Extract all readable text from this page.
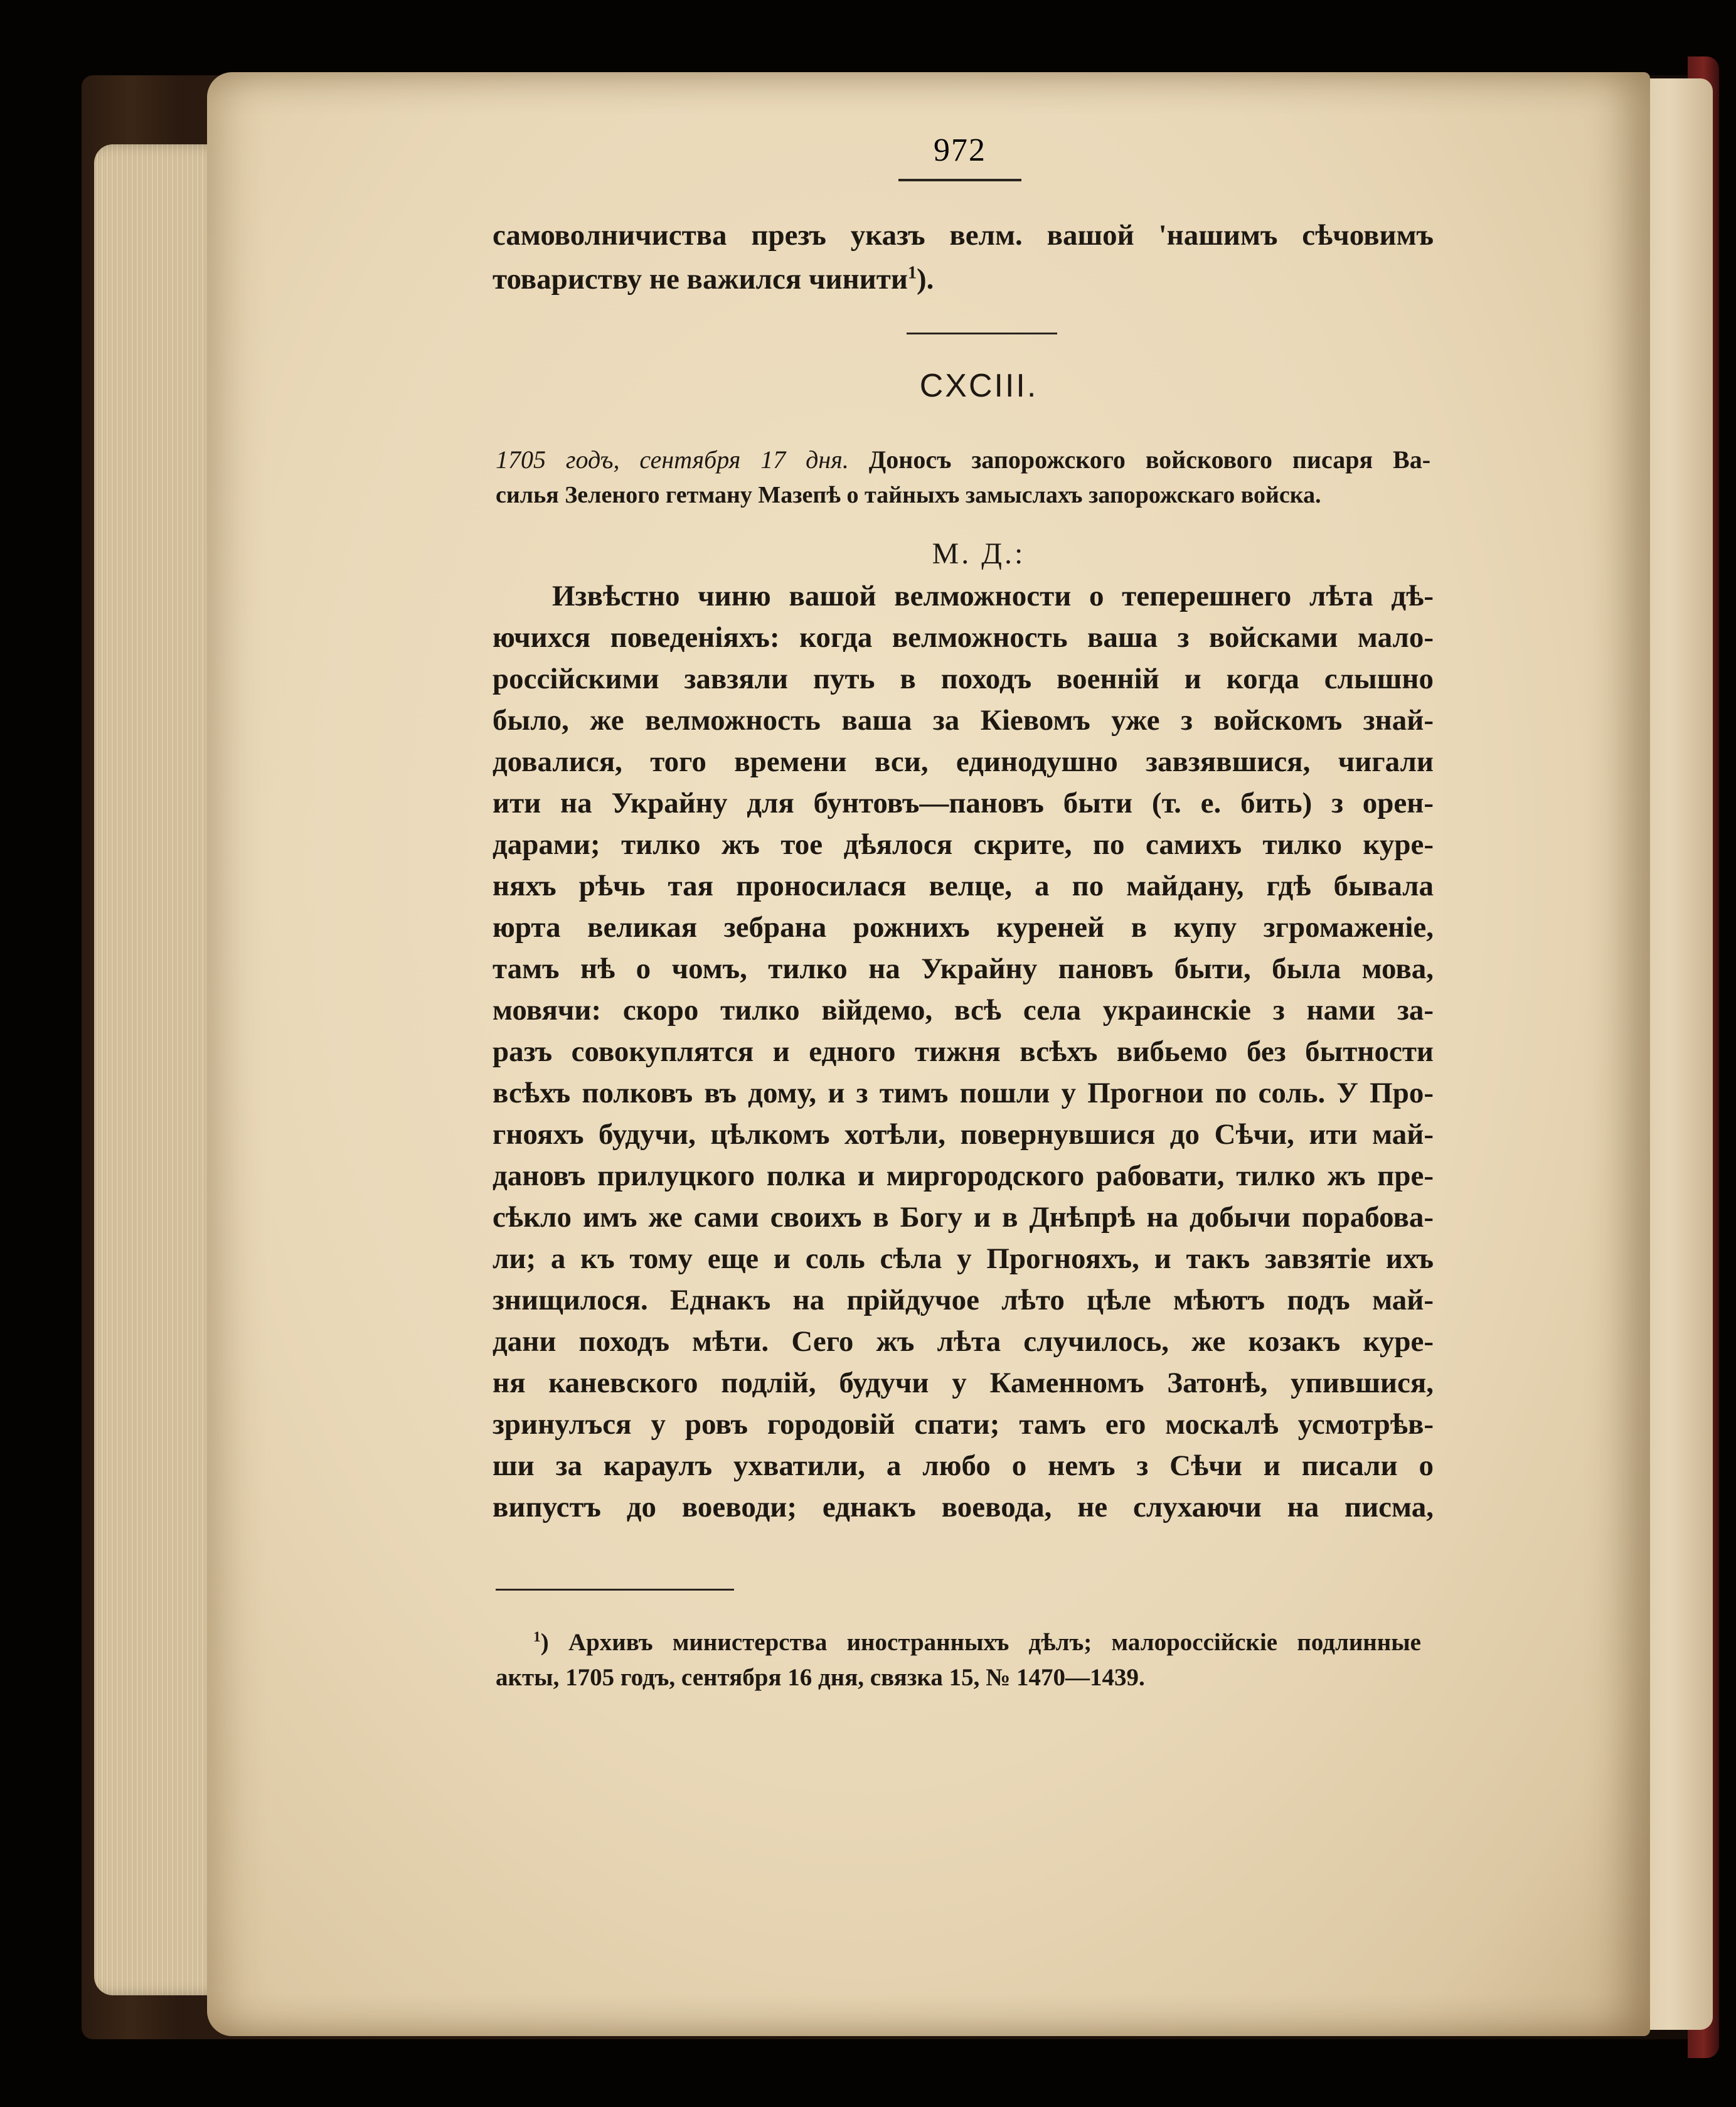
972
самоволничиства презъ указъ велм. вашой 'нашимъ сѣчовимъ
товариству не важился чинити$^1$).
CXCIII.
1705 годъ, сентября 17 дня. Доносъ запорожского войскового писаря Ва-
силья Зеленого гетману Мазепѣ о тайныхъ замыслахъ запорожскаго войска.
М. Д.:
Извѣстно чиню вашой велможности о теперешнего лѣта дѣ-
ючихся поведеніяхъ: когда велможность ваша з войсками мало-
россійскими завзяли путь в походъ военній и когда слышно
было, же велможность ваша за Кіевомъ уже з войскомъ знай-
довалися, того времени вси, единодушно завзявшися, чигали
ити на Украйну для бунтовъ—пановъ быти (т. е. бить) з орен-
дарами; тилко жъ тое дѣялося скрите, по самихъ тилко куре-
няхъ рѣчь тая проносилася велце, а по майдану, гдѣ бывала
юрта великая зебрана рожнихъ куреней в купу згромаженіе,
тамъ нѣ о чомъ, тилко на Украйну пановъ быти, была мова,
мовячи: скоро тилко війдемо, всѣ села украинскіе з нами за-
разъ совокуплятся и едного тижня всѣхъ вибьемо без бытности
всѣхъ полковъ въ дому, и з тимъ пошли у Прогнои по соль. У Про-
гнояхъ будучи, цѣлкомъ хотѣли, повернувшися до Сѣчи, ити май-
дановъ прилуцкого полка и миргородского рабовати, тилко жъ пре-
сѣкло имъ же сами своихъ в Богу и в Днѣпрѣ на добычи порабова-
ли; а къ тому еще и соль сѣла у Прогнояхъ, и такъ завзятіе ихъ
знищилося. Еднакъ на прійдучое лѣто цѣле мѣютъ подъ май-
дани походъ мѣти. Сего жъ лѣта случилось, же козакъ куре-
ня каневского подлій, будучи у Каменномъ Затонѣ, упившися,
зринулъся у ровъ городовій спати; тамъ его москалѣ усмотрѣв-
ши за караулъ ухватили, а любо о немъ з Сѣчи и писали о
випустъ до воеводи; еднакъ воевода, не слухаючи на писма,
$^1$) Архивъ министерства иностранныхъ дѣлъ; малороссійскіе подлинные
акты, 1705 годъ, сентября 16 дня, связка 15, № 1470—1439.
